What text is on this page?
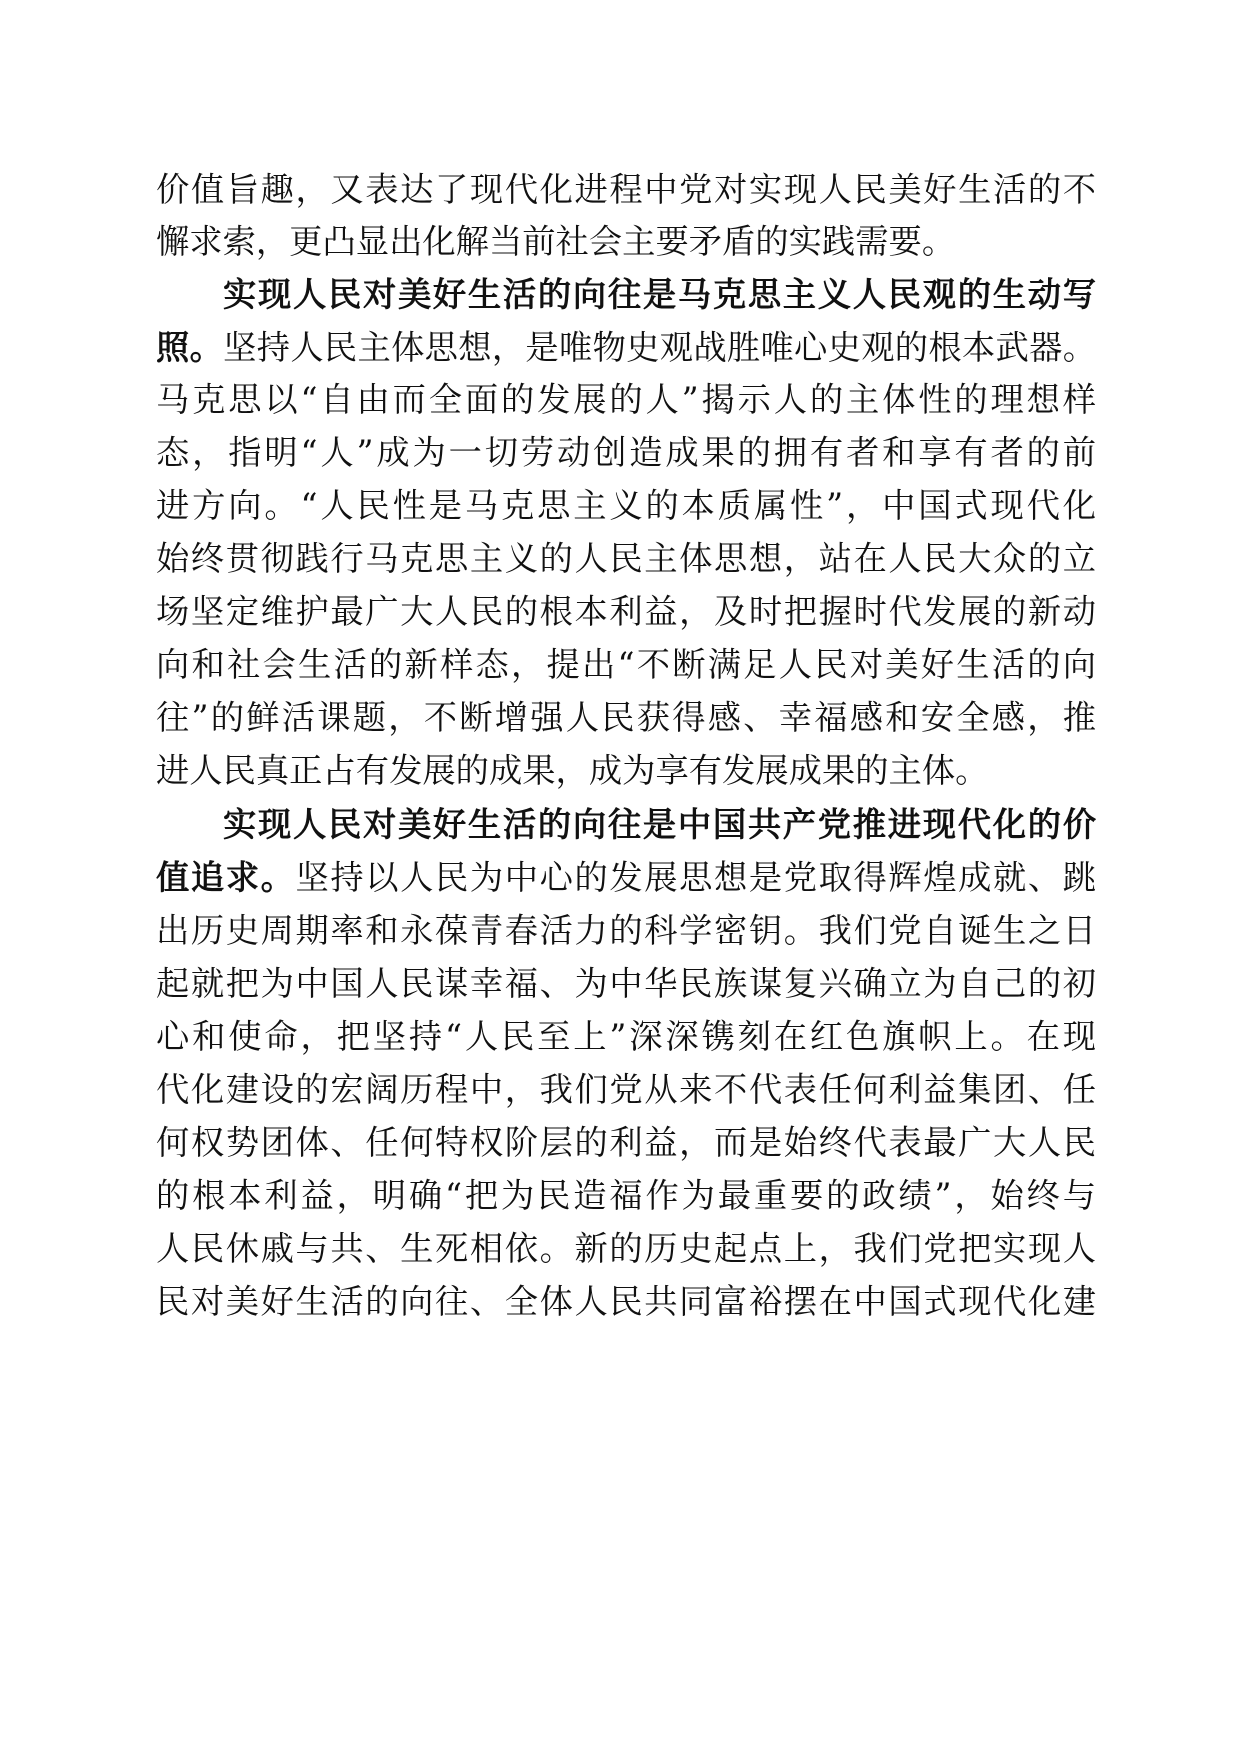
价值旨趣，又表达了现代化进程中党对实现人民美好生活的不
懈求索，更凸显出化解当前社会主要矛盾的实践需要。
实现人民对美好生活的向往是马克思主义人民观的生动写
照。坚持人民主体思想，是唯物史观战胜唯心史观的根本武器。
马克思以“自由而全面的发展的人”揭示人的主体性的理想样
态，指明“人”成为一切劳动创造成果的拥有者和享有者的前
进方向。“人民性是马克思主义的本质属性”，中国式现代化
始终贯彻践行马克思主义的人民主体思想，站在人民大众的立
场坚定维护最广大人民的根本利益，及时把握时代发展的新动
向和社会生活的新样态，提出“不断满足人民对美好生活的向
往”的鲜活课题，不断增强人民获得感、幸福感和安全感，推
进人民真正占有发展的成果，成为享有发展成果的主体。
实现人民对美好生活的向往是中国共产党推进现代化的价
值追求。坚持以人民为中心的发展思想是党取得辉煌成就、跳
出历史周期率和永葆青春活力的科学密钥。我们党自诞生之日
起就把为中国人民谋幸福、为中华民族谋复兴确立为自己的初
心和使命，把坚持“人民至上”深深镌刻在红色旗帜上。在现
代化建设的宏阔历程中，我们党从来不代表任何利益集团、任
何权势团体、任何特权阶层的利益，而是始终代表最广大人民
的根本利益，明确“把为民造福作为最重要的政绩”，始终与
人民休戚与共、生死相依。新的历史起点上，我们党把实现人
民对美好生活的向往、全体人民共同富裕摆在中国式现代化建
